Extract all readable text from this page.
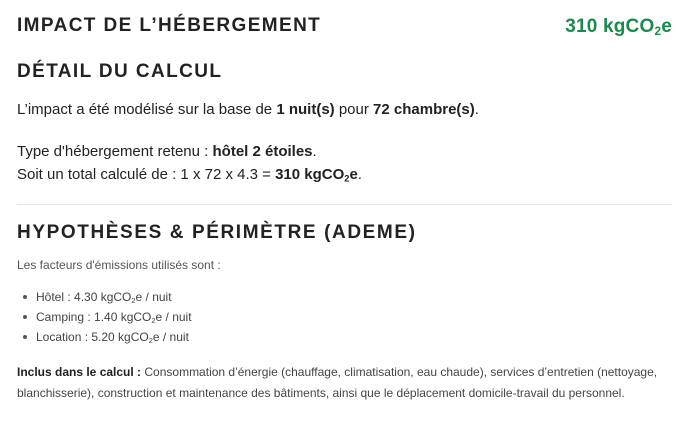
IMPACT DE L’HÉBERGEMENT	310 kgCO$_2$e
DÉTAIL DU CALCUL
L’impact a été modélisé sur la base de 1 nuit(s) pour 72 chambre(s).
Type d'hébergement retenu : hôtel 2 étoiles.
Soit un total calculé de : 1 x 72 x 4.3 = 310 kgCO$_2$e.
HYPOTHÈSES & PÉRIMÈTRE (ADEME)
Les facteurs d'émissions utilisés sont :
Hôtel : 4.30 kgCO$_2$e / nuit
Camping : 1.40 kgCO$_2$e / nuit
Location : 5.20 kgCO$_2$e / nuit
Inclus dans le calcul : Consommation d’énergie (chauffage, climatisation, eau chaude), services d’entretien (nettoyage, blanchisserie), construction et maintenance des bâtiments, ainsi que le déplacement domicile-travail du personnel.
